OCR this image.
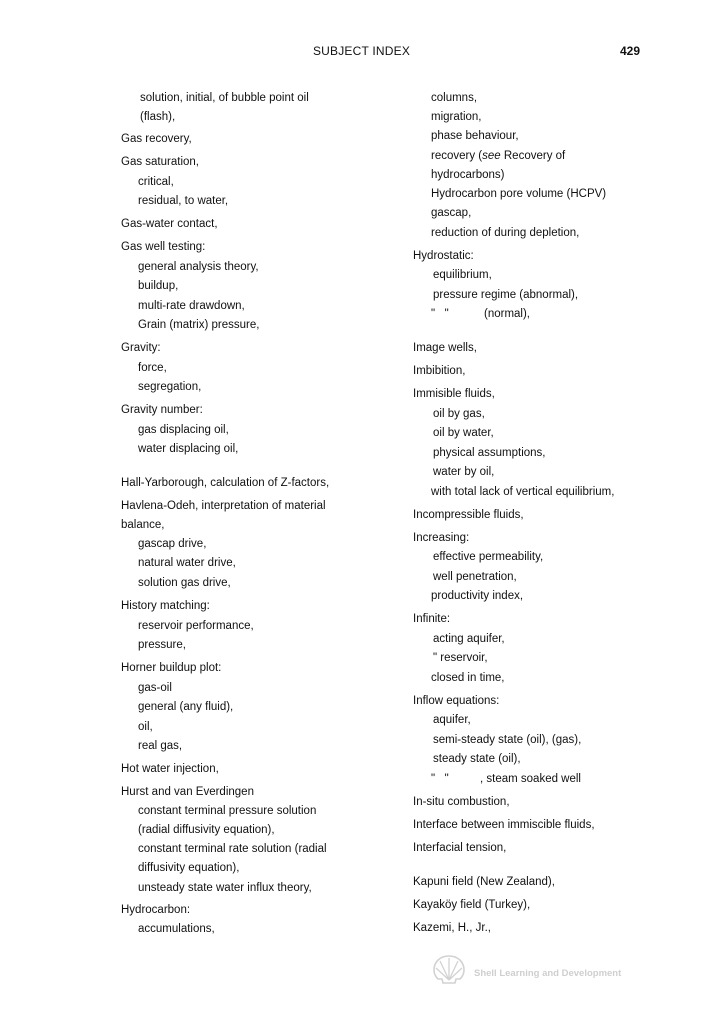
SUBJECT INDEX	429
solution, initial, of bubble point oil
(flash),
Gas recovery,
Gas saturation,
critical,
residual, to water,
Gas-water contact,
Gas well testing:
general analysis theory,
buildup,
multi-rate drawdown,
Grain (matrix) pressure,
Gravity:
force,
segregation,
Gravity number:
gas displacing oil,
water displacing oil,
Hall-Yarborough, calculation of Z-factors,
Havlena-Odeh, interpretation of material
balance,
gascap drive,
natural water drive,
solution gas drive,
History matching:
reservoir performance,
pressure,
Horner buildup plot:
gas-oil
general (any fluid),
oil,
real gas,
Hot water injection,
Hurst and van Everdingen
constant terminal pressure solution
(radial diffusivity equation),
constant terminal rate solution (radial
diffusivity equation),
unsteady state water influx theory,
Hydrocarbon:
accumulations,
columns,
migration,
phase behaviour,
recovery (see Recovery of
hydrocarbons)
Hydrocarbon pore volume (HCPV)
gascap,
reduction of during depletion,
Hydrostatic:
equilibrium,
pressure regime (abnormal),
"   "	(normal),
Image wells,
Imbibition,
Immisible fluids,
oil by gas,
oil by water,
physical assumptions,
water by oil,
with total lack of vertical equilibrium,
Incompressible fluids,
Increasing:
effective permeability,
well penetration,
productivity index,
Infinite:
acting aquifer,
" reservoir,
closed in time,
Inflow equations:
aquifer,
semi-steady state (oil), (gas),
steady state (oil),
"   "	, steam soaked well
In-situ combustion,
Interface between immiscible fluids,
Interfacial tension,
Kapuni field (New Zealand),
Kayaköy field (Turkey),
Kazemi, H., Jr.,
Shell Learning and Development
